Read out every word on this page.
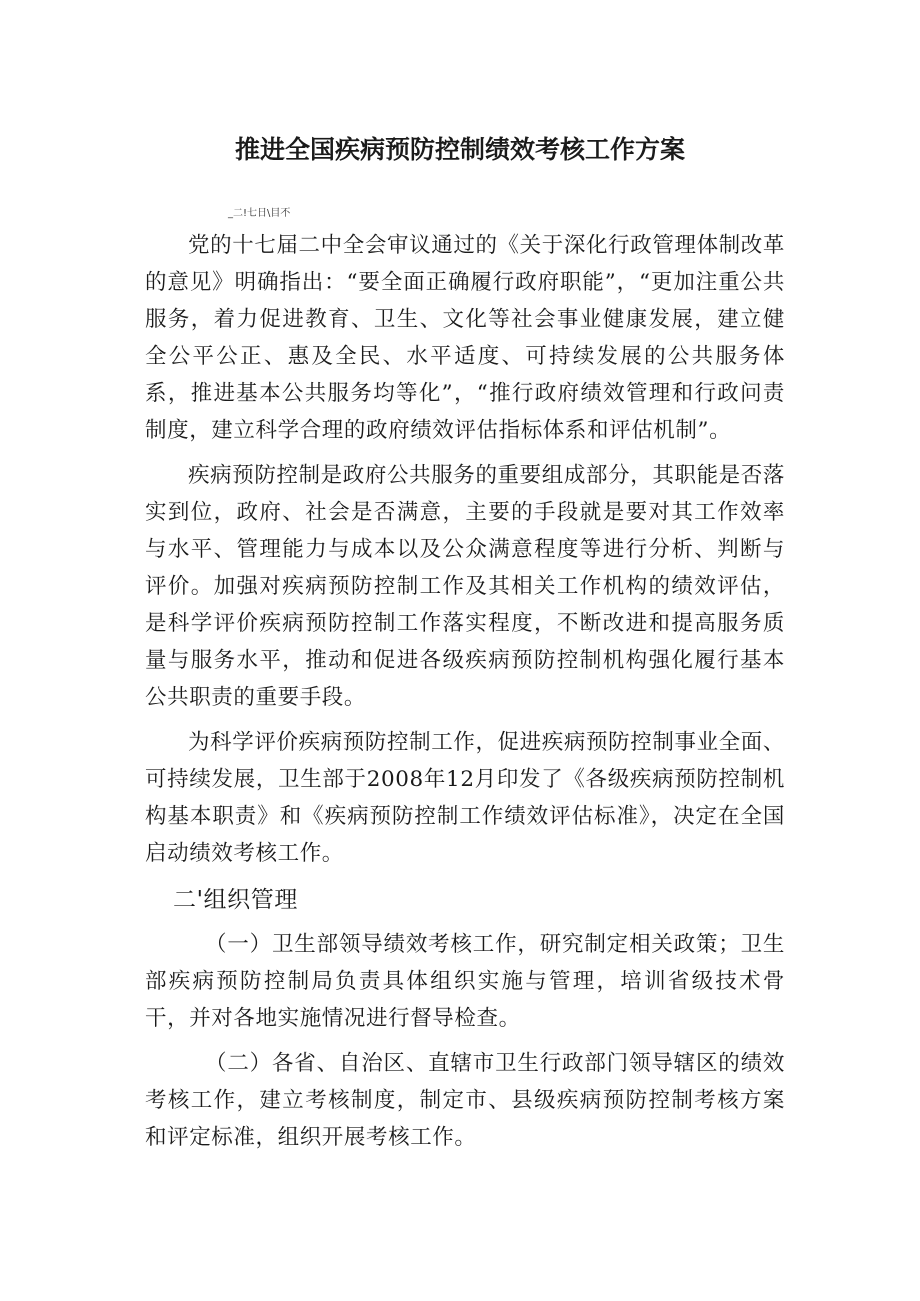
推进全国疾病预防控制绩效考核工作方案
_二!七日\目不

党的十七届二中全会审议通过的《关于深化行政管理体制改革的意见》明确指出：“要全面正确履行政府职能”，“更加注重公共服务，着力促进教育、卫生、文化等社会事业健康发展，建立健全公平公正、惠及全民、水平适度、可持续发展的公共服务体系，推进基本公共服务均等化”，“推行政府绩效管理和行政问责制度，建立科学合理的政府绩效评估指标体系和评估机制”。

疾病预防控制是政府公共服务的重要组成部分，其职能是否落实到位，政府、社会是否满意，主要的手段就是要对其工作效率与水平、管理能力与成本以及公众满意程度等进行分析、判断与评价。加强对疾病预防控制工作及其相关工作机构的绩效评估，是科学评价疾病预防控制工作落实程度，不断改进和提高服务质量与服务水平，推动和促进各级疾病预防控制机构强化履行基本公共职责的重要手段。

为科学评价疾病预防控制工作，促进疾病预防控制事业全面、可持续发展，卫生部于2008年12月印发了《各级疾病预防控制机构基本职责》和《疾病预防控制工作绩效评估标准》，决定在全国启动绩效考核工作。

二'组织管理

（一）卫生部领导绩效考核工作，研究制定相关政策；卫生部疾病预防控制局负责具体组织实施与管理，培训省级技术骨干，并对各地实施情况进行督导检查。

（二）各省、自治区、直辖市卫生行政部门领导辖区的绩效考核工作，建立考核制度，制定市、县级疾病预防控制考核方案和评定标准，组织开展考核工作。
